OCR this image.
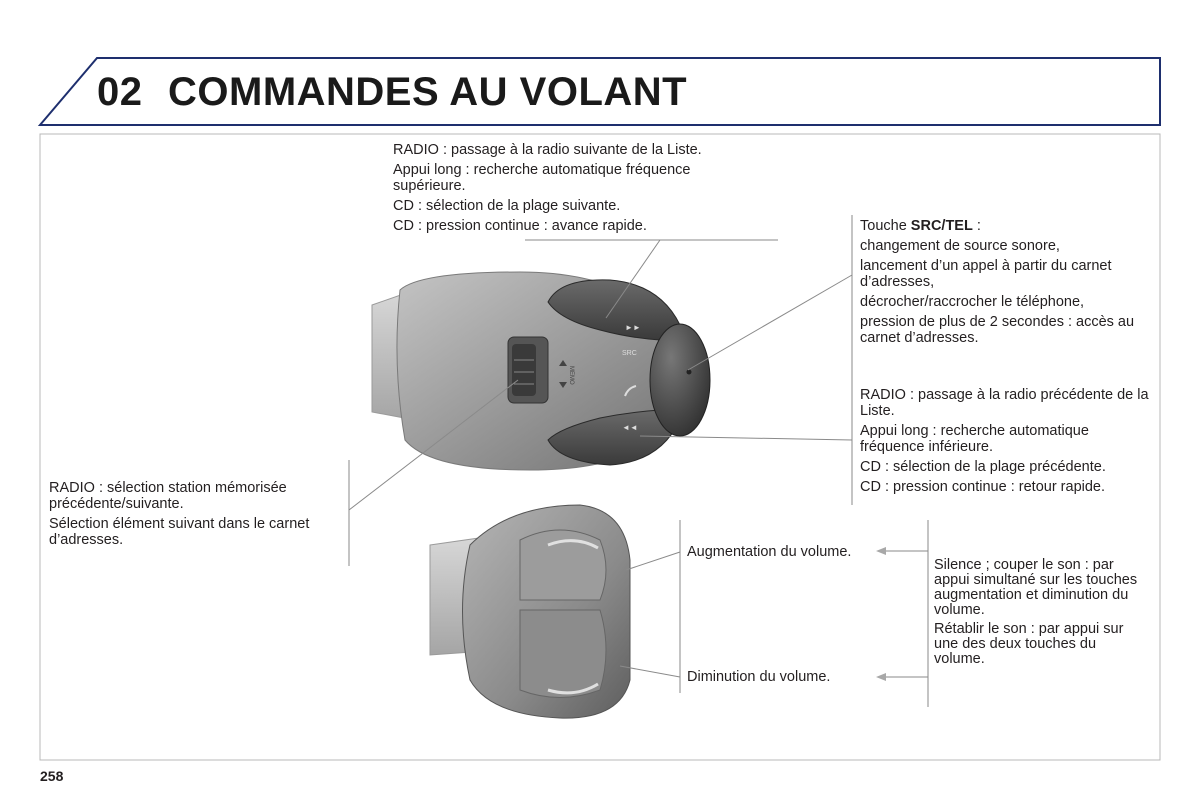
►►
SRC
MEMO
◄◄
02 COMMANDES AU VOLANT

RADIO : passage à la radio suivante de la Liste.

Appui long : recherche automatique fréquence supérieure.

CD : sélection de la plage suivante.

CD : pression continue : avance rapide.	Touche SRC/TEL :

changement de source sonore,

lancement d’un appel à partir du carnet d’adresses,

décrocher/raccrocher le téléphone,

pression de plus de 2 secondes : accès au carnet d’adresses.

RADIO : passage à la radio précédente de la Liste.

Appui long : recherche automatique fréquence inférieure.

CD : sélection de la plage précédente.

CD : pression continue : retour rapide.

RADIO : sélection station mémorisée précédente/suivante.

Sélection élément suivant dans le carnet d’adresses.

Augmentation du volume.
Diminution du volume.

Silence ; couper le son : par appui simultané sur les touches augmentation et diminution du volume.

Rétablir le son : par appui sur une des deux touches du volume.

258
